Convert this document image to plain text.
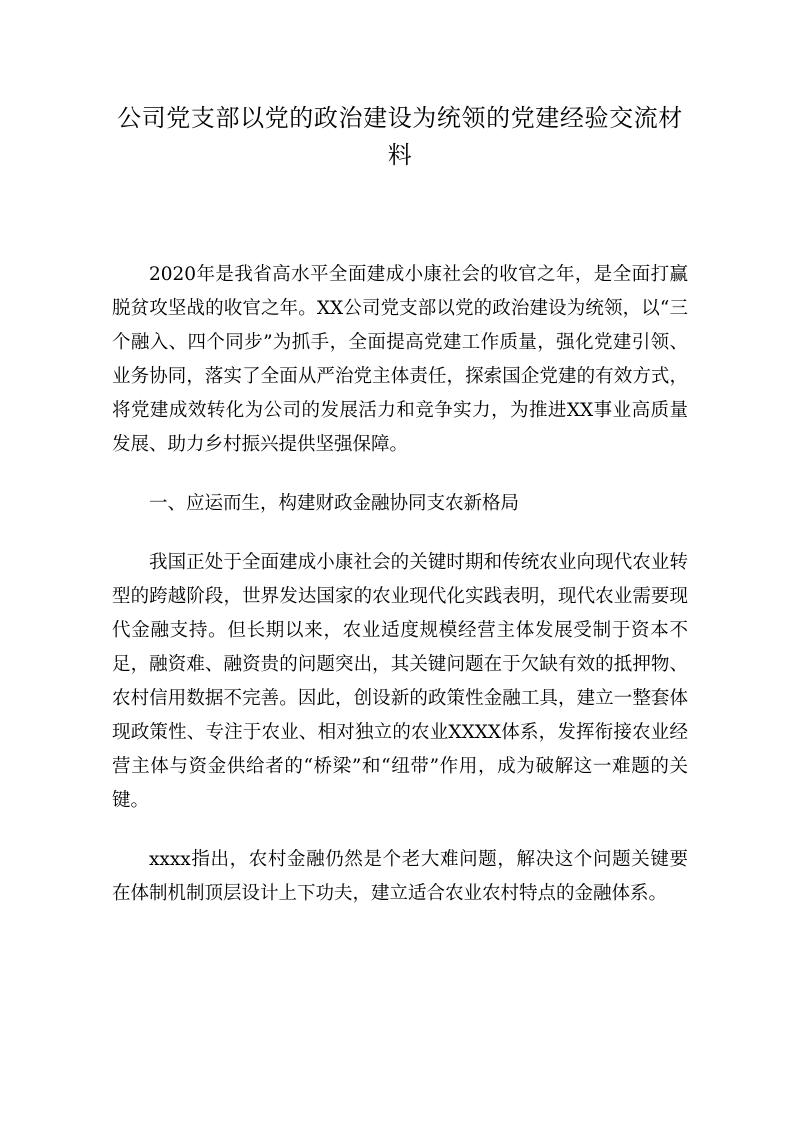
公司党支部以党的政治建设为统领的党建经验交流材料

2020年是我省高水平全面建成小康社会的收官之年，是全面打赢脱贫攻坚战的收官之年。XX公司党支部以党的政治建设为统领，以“三个融入、四个同步”为抓手，全面提高党建工作质量，强化党建引领、业务协同，落实了全面从严治党主体责任，探索国企党建的有效方式，将党建成效转化为公司的发展活力和竞争实力，为推进XX事业高质量发展、助力乡村振兴提供坚强保障。

一、应运而生，构建财政金融协同支农新格局

我国正处于全面建成小康社会的关键时期和传统农业向现代农业转型的跨越阶段，世界发达国家的农业现代化实践表明，现代农业需要现代金融支持。但长期以来，农业适度规模经营主体发展受制于资本不足，融资难、融资贵的问题突出，其关键问题在于欠缺有效的抵押物、农村信用数据不完善。因此，创设新的政策性金融工具，建立一整套体现政策性、专注于农业、相对独立的农业XXXX体系，发挥衔接农业经营主体与资金供给者的“桥梁”和“纽带”作用，成为破解这一难题的关键。

xxxx指出，农村金融仍然是个老大难问题，解决这个问题关键要在体制机制顶层设计上下功夫，建立适合农业农村特点的金融体系。
